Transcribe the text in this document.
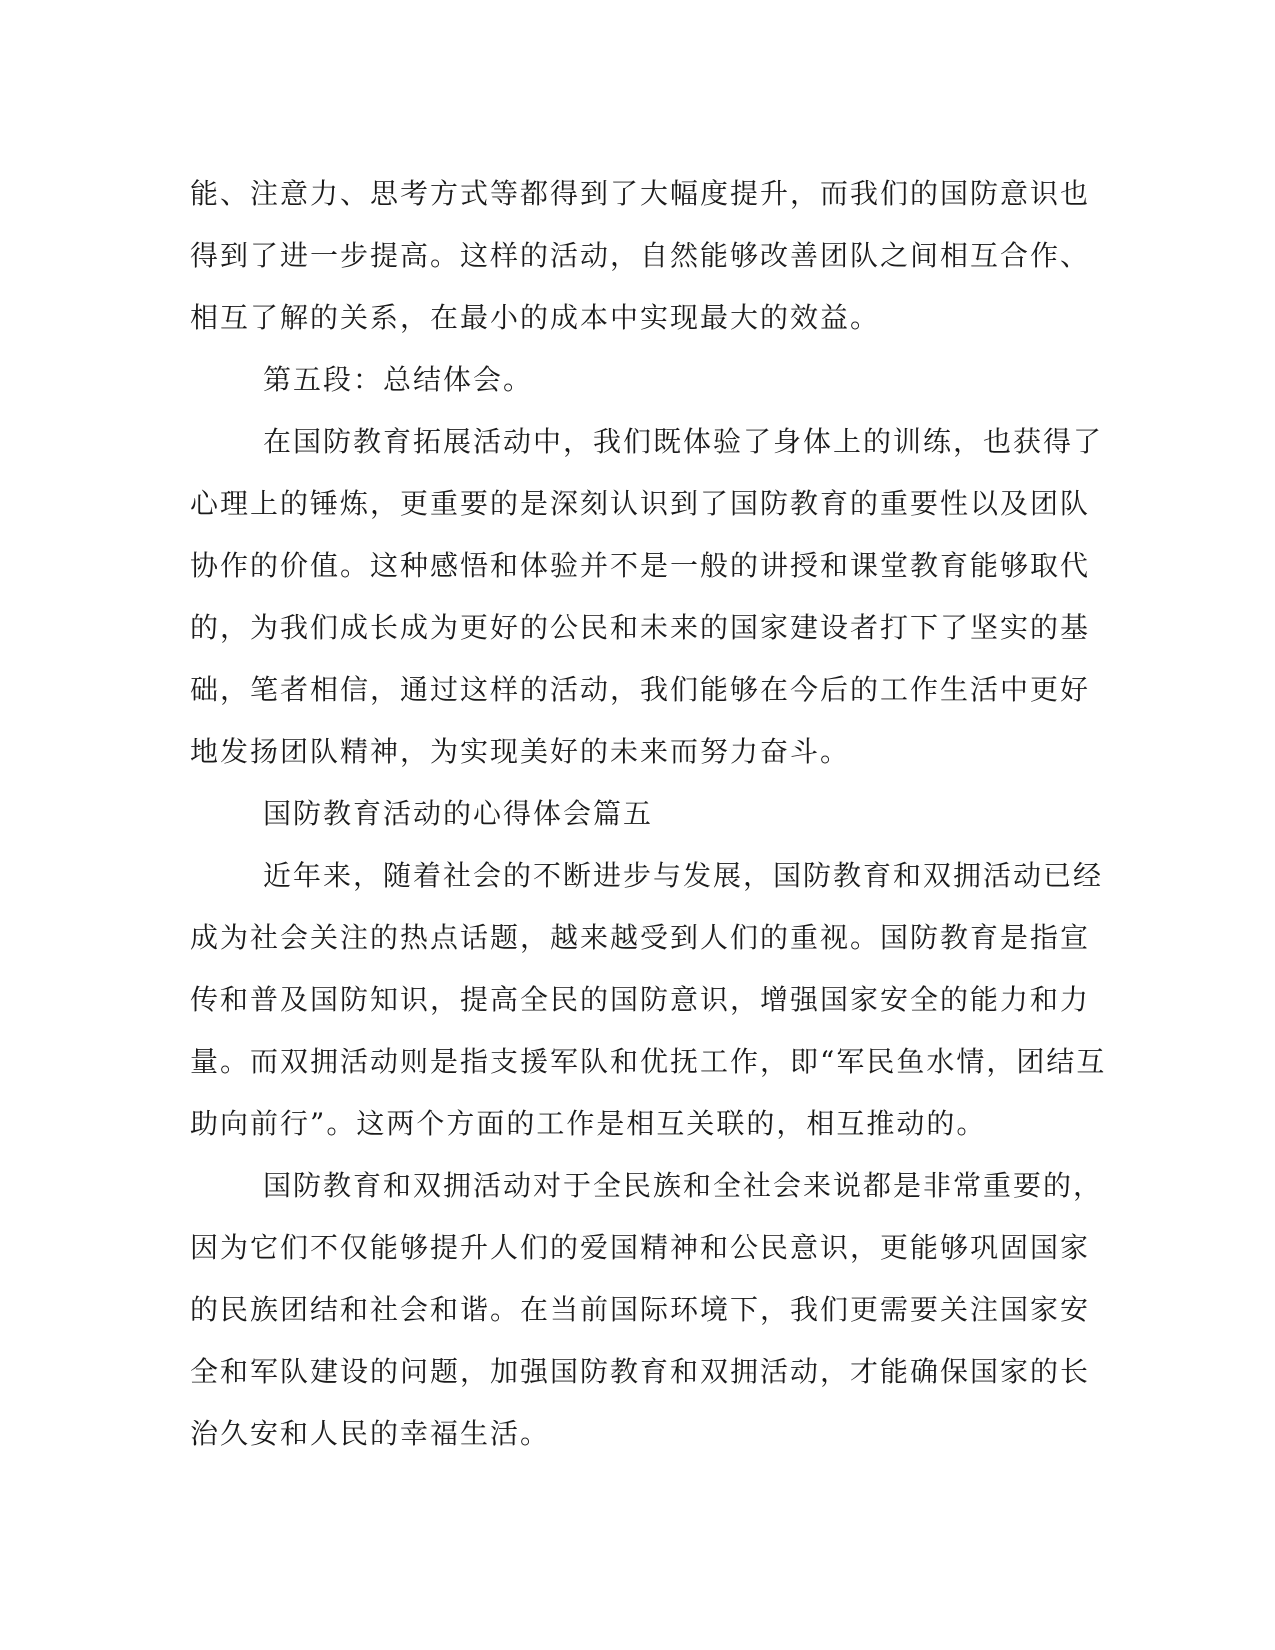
能、注意力、思考方式等都得到了大幅度提升，而我们的国防意识也
得到了进一步提高。这样的活动，自然能够改善团队之间相互合作、
相互了解的关系，在最小的成本中实现最大的效益。
第五段：总结体会。
在国防教育拓展活动中，我们既体验了身体上的训练，也获得了
心理上的锤炼，更重要的是深刻认识到了国防教育的重要性以及团队
协作的价值。这种感悟和体验并不是一般的讲授和课堂教育能够取代
的，为我们成长成为更好的公民和未来的国家建设者打下了坚实的基
础，笔者相信，通过这样的活动，我们能够在今后的工作生活中更好
地发扬团队精神，为实现美好的未来而努力奋斗。
国防教育活动的心得体会篇五
近年来，随着社会的不断进步与发展，国防教育和双拥活动已经
成为社会关注的热点话题，越来越受到人们的重视。国防教育是指宣
传和普及国防知识，提高全民的国防意识，增强国家安全的能力和力
量。而双拥活动则是指支援军队和优抚工作，即“军民鱼水情，团结互
助向前行”。这两个方面的工作是相互关联的，相互推动的。
国防教育和双拥活动对于全民族和全社会来说都是非常重要的，
因为它们不仅能够提升人们的爱国精神和公民意识，更能够巩固国家
的民族团结和社会和谐。在当前国际环境下，我们更需要关注国家安
全和军队建设的问题，加强国防教育和双拥活动，才能确保国家的长
治久安和人民的幸福生活。
